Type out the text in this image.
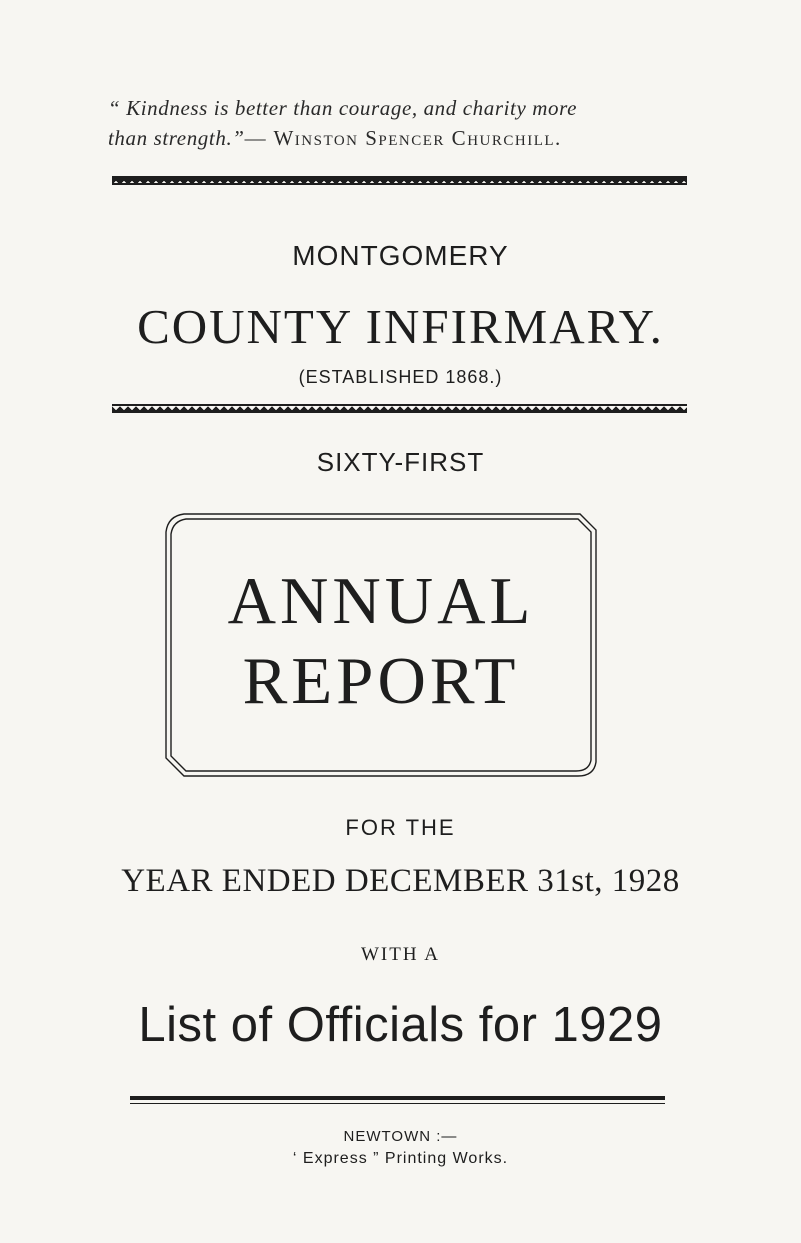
“ Kindness is better than courage, and charity more
than strength.”— Winston Spencer Churchill.
MONTGOMERY
COUNTY INFIRMARY.
(ESTABLISHED 1868.)
SIXTY-FIRST
ANNUAL
REPORT
FOR THE
YEAR ENDED DECEMBER 31st, 1928
WITH A
List of Officials for 1929
NEWTOWN :—
‘ Express ” Printing Works.
